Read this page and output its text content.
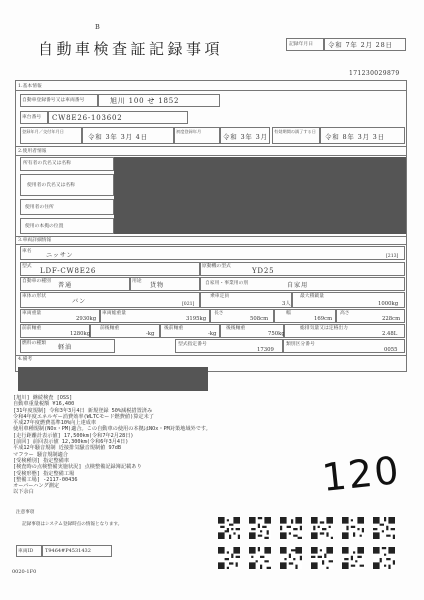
B
自動車検査証記録事項	記録年月日 令和 7年 2月 28日
171230029879
1.基本情報
自動車登録番号又は車両番号	旭川 100 せ 1852
車台番号 CW8E26-103602
登録年月／交付年月日
令和 3年 3月 4日
初度登録年月
令和 3年 3月
有効期間の満了する日
令和 8年 3月 3日
2.使用者情報
所有者の氏名又は名称
使用者の氏名又は名称
使用者の住所
使用の本拠の位置
3.車両詳細情報
車名
ニッサン	[213]
型式
LDF-CW8E26
原動機の型式
YD25
自動車の種別
普通
用途
貨物	自家用・事業用の別	自家用
車体の形状
バン	[021]
乗車定員
3人
最大積載量
1000kg
車両重量
2930kg
車両総重量
3195kg
長さ
508cm
幅
169cm
高さ
228cm
前前軸重
1280kg
前後軸重
-kg
後前軸重
-kg
後後軸重
750kg
総排気量又は定格出力
2.48L
燃料の種類
軽油	型式指定番号
17309
類別区分番号
0055
4.備考
[旭川] 継続検査 [OSS]
自動車重量税額 ¥16,400
[31年度規制] 令和3年3月4日 新規登録 50%減税措置済み
令和4年度エネルギー消費効率(WLTCモード燃費値)算定未了
平成27年度燃費基準10%向上達成車
使用車種規制(NOx・PM)適合。この自動車の使用の本拠はNOx・PM対策地域外です。
[走行距離計表示値] 17,500km(令和7年2月28日)
[前回] 前回表示値 12,300km(令和6年3月4日)
平成12年騒音規制 近接排気騒音規制値 97dB
マフラー 騒音規制適合
[受検種別] 指定整備車
[検査時の点検整備実施状況] 点検整備記録簿記載あり
[受検形態] 指定整備工場
[整備工場] -2117-00436
オーバーハング測定
以下余白	120
注意事項
記録事項はシステム登録時点の情報となります。
車両ID T9464#P4531432
0020-1F0
